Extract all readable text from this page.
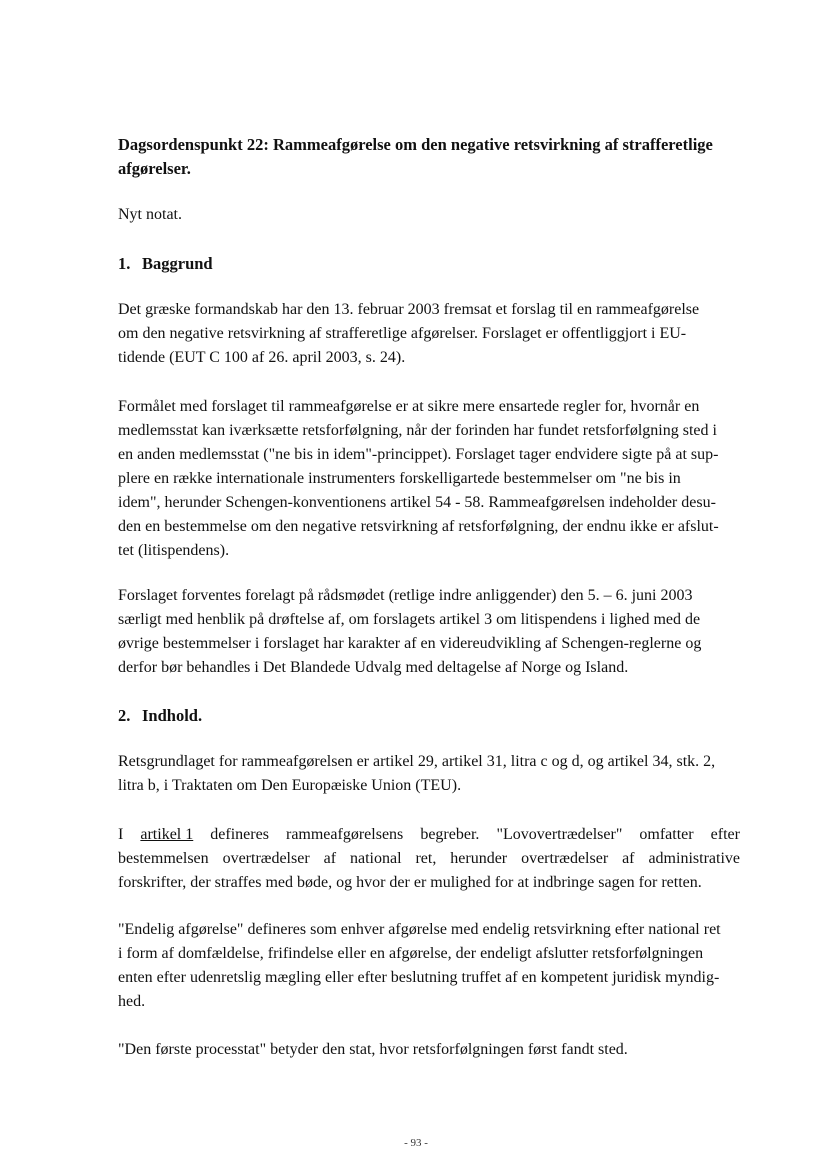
Dagsordenspunkt 22: Rammeafgørelse om den negative retsvirkning af strafferetlige

afgørelser.

Nyt notat.

1. Baggrund

Det græske formandskab har den 13. februar 2003 fremsat et forslag til en rammeafgørelse

om den negative retsvirkning af strafferetlige afgørelser. Forslaget er offentliggjort i EU-

tidende (EUT C 100 af 26. april 2003, s. 24).

Formålet med forslaget til rammeafgørelse er at sikre mere ensartede regler for, hvornår en

medlemsstat kan iværksætte retsforfølgning, når der forinden har fundet retsforfølgning sted i

en anden medlemsstat ("ne bis in idem"-princippet). Forslaget tager endvidere sigte på at sup-

plere en række internationale instrumenters forskelligartede bestemmelser om "ne bis in

idem", herunder Schengen-konventionens artikel 54 - 58. Rammeafgørelsen indeholder desu-

den en bestemmelse om den negative retsvirkning af retsforfølgning, der endnu ikke er afslut-

tet (litispendens).

Forslaget forventes forelagt på rådsmødet (retlige indre anliggender) den 5. – 6. juni 2003

særligt med henblik på drøftelse af, om forslagets artikel 3 om litispendens i lighed med de

øvrige bestemmelser i forslaget har karakter af en videreudvikling af Schengen-reglerne og

derfor bør behandles i Det Blandede Udvalg med deltagelse af Norge og Island.

2. Indhold.

Retsgrundlaget for rammeafgørelsen er artikel 29, artikel 31, litra c og d, og artikel 34, stk. 2,

litra b, i Traktaten om Den Europæiske Union (TEU).

I artikel 1 defineres rammeafgørelsens begreber. "Lovovertrædelser" omfatter efter
bestemmelsen overtrædelser af national ret, herunder overtrædelser af administrative

forskrifter, der straffes med bøde, og hvor der er mulighed for at indbringe sagen for retten.

"Endelig afgørelse" defineres som enhver afgørelse med endelig retsvirkning efter national ret

i form af domfældelse, frifindelse eller en afgørelse, der endeligt afslutter retsforfølgningen

enten efter udenretslig mægling eller efter beslutning truffet af en kompetent juridisk myndig-

hed.

"Den første processtat" betyder den stat, hvor retsforfølgningen først fandt sted.

- 93 -
